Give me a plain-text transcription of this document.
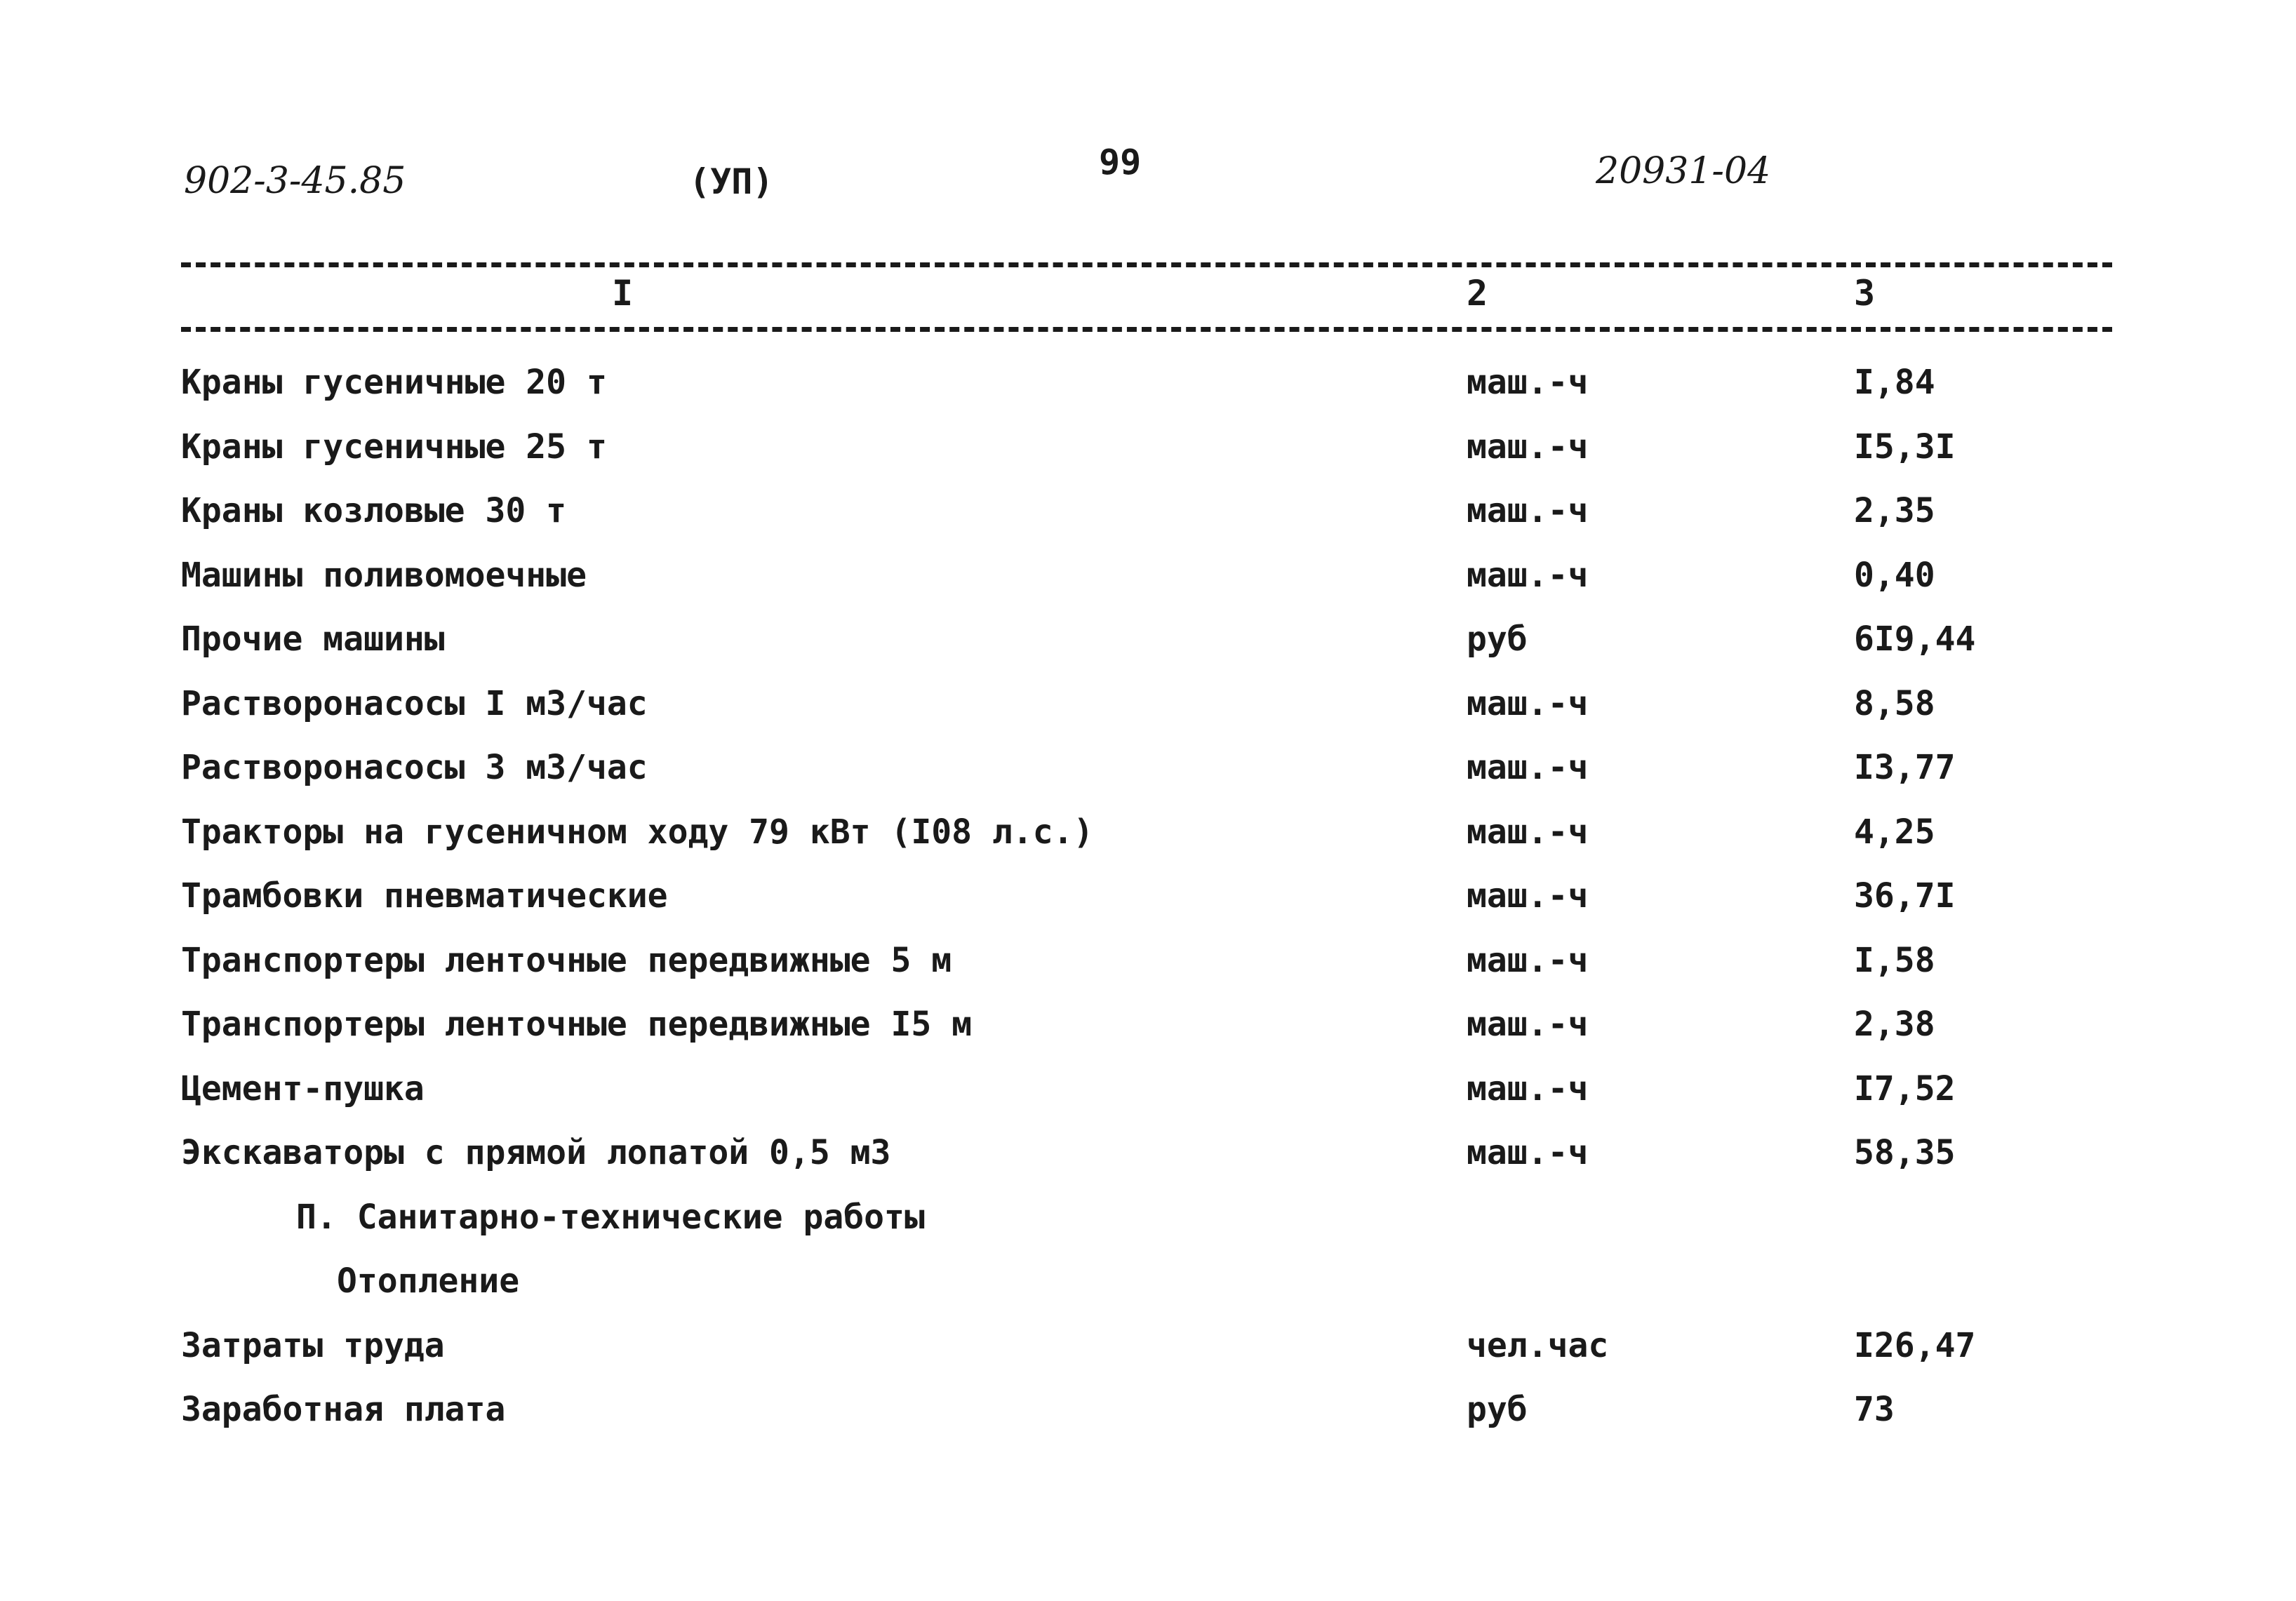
902-3-45.85	(УП)	99	20931-04
I	2	3
Краны гусеничные 20 т	маш.-ч	I,84
Краны гусеничные 25 т	маш.-ч	I5,3I
Краны козловые 30 т	маш.-ч	2,35
Машины поливомоечные	маш.-ч	0,40
Прочие машины	руб	6I9,44
Растворонасосы I м3/час	маш.-ч	8,58
Растворонасосы 3 м3/час	маш.-ч	I3,77
Тракторы на гусеничном ходу 79 кВт (I08 л.с.)	маш.-ч	4,25
Трамбовки пневматические	маш.-ч	36,7I
Транспортеры ленточные передвижные 5 м	маш.-ч	I,58
Транспортеры ленточные передвижные I5 м	маш.-ч	2,38
Цемент-пушка	маш.-ч	I7,52
Экскаваторы с прямой лопатой 0,5 м3	маш.-ч	58,35
П. Санитарно-технические работы
Отопление
Затраты труда	чел.час	I26,47
Заработная плата	руб	73
